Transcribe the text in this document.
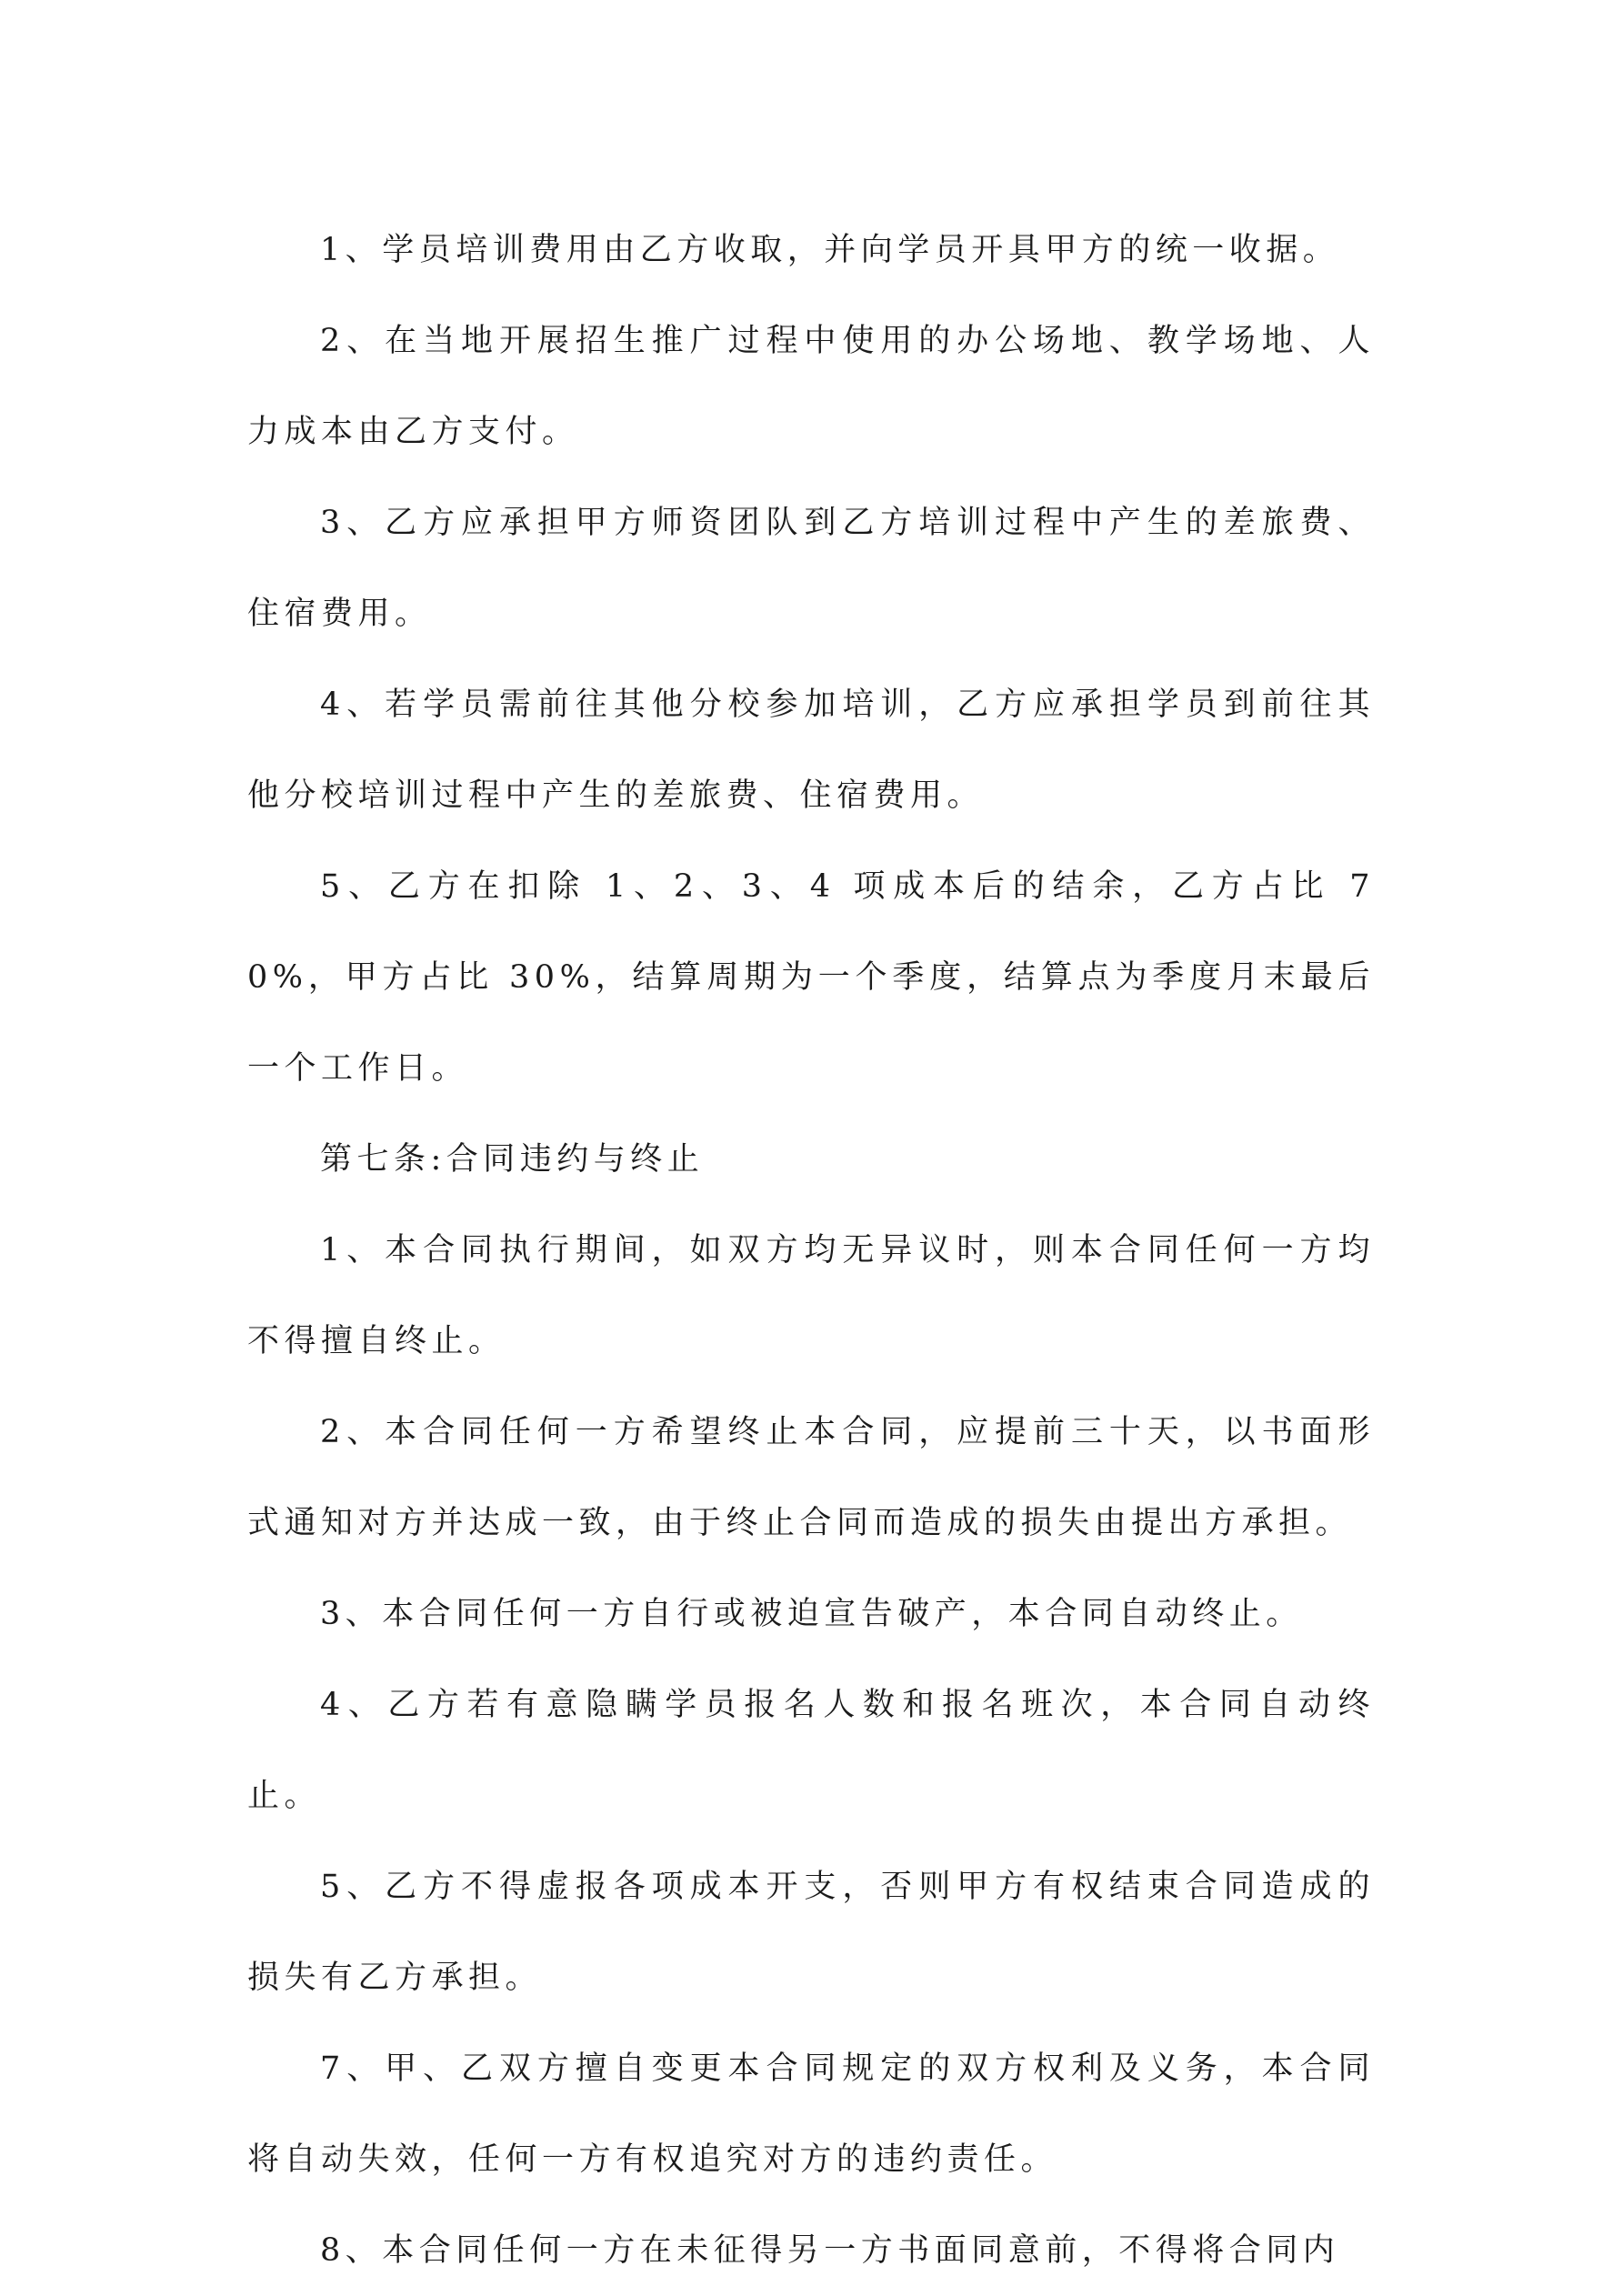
1、学员培训费用由乙方收取，并向学员开具甲方的统一收据。

2、在当地开展招生推广过程中使用的办公场地、教学场地、人力成本由乙方支付。

3、乙方应承担甲方师资团队到乙方培训过程中产生的差旅费、住宿费用。

4、若学员需前往其他分校参加培训，乙方应承担学员到前往其他分校培训过程中产生的差旅费、住宿费用。

5、乙方在扣除 1、2、3、4 项成本后的结余，乙方占比 70%，甲方占比 30%，结算周期为一个季度，结算点为季度月末最后一个工作日。

第七条:合同违约与终止

1、本合同执行期间，如双方均无异议时，则本合同任何一方均不得擅自终止。

2、本合同任何一方希望终止本合同，应提前三十天，以书面形式通知对方并达成一致，由于终止合同而造成的损失由提出方承担。

3、本合同任何一方自行或被迫宣告破产，本合同自动终止。

4、乙方若有意隐瞒学员报名人数和报名班次，本合同自动终止。

5、乙方不得虚报各项成本开支，否则甲方有权结束合同造成的损失有乙方承担。

7、甲、乙双方擅自变更本合同规定的双方权利及义务，本合同将自动失效，任何一方有权追究对方的违约责任。

8、本合同任何一方在未征得另一方书面同意前，不得将合同内
